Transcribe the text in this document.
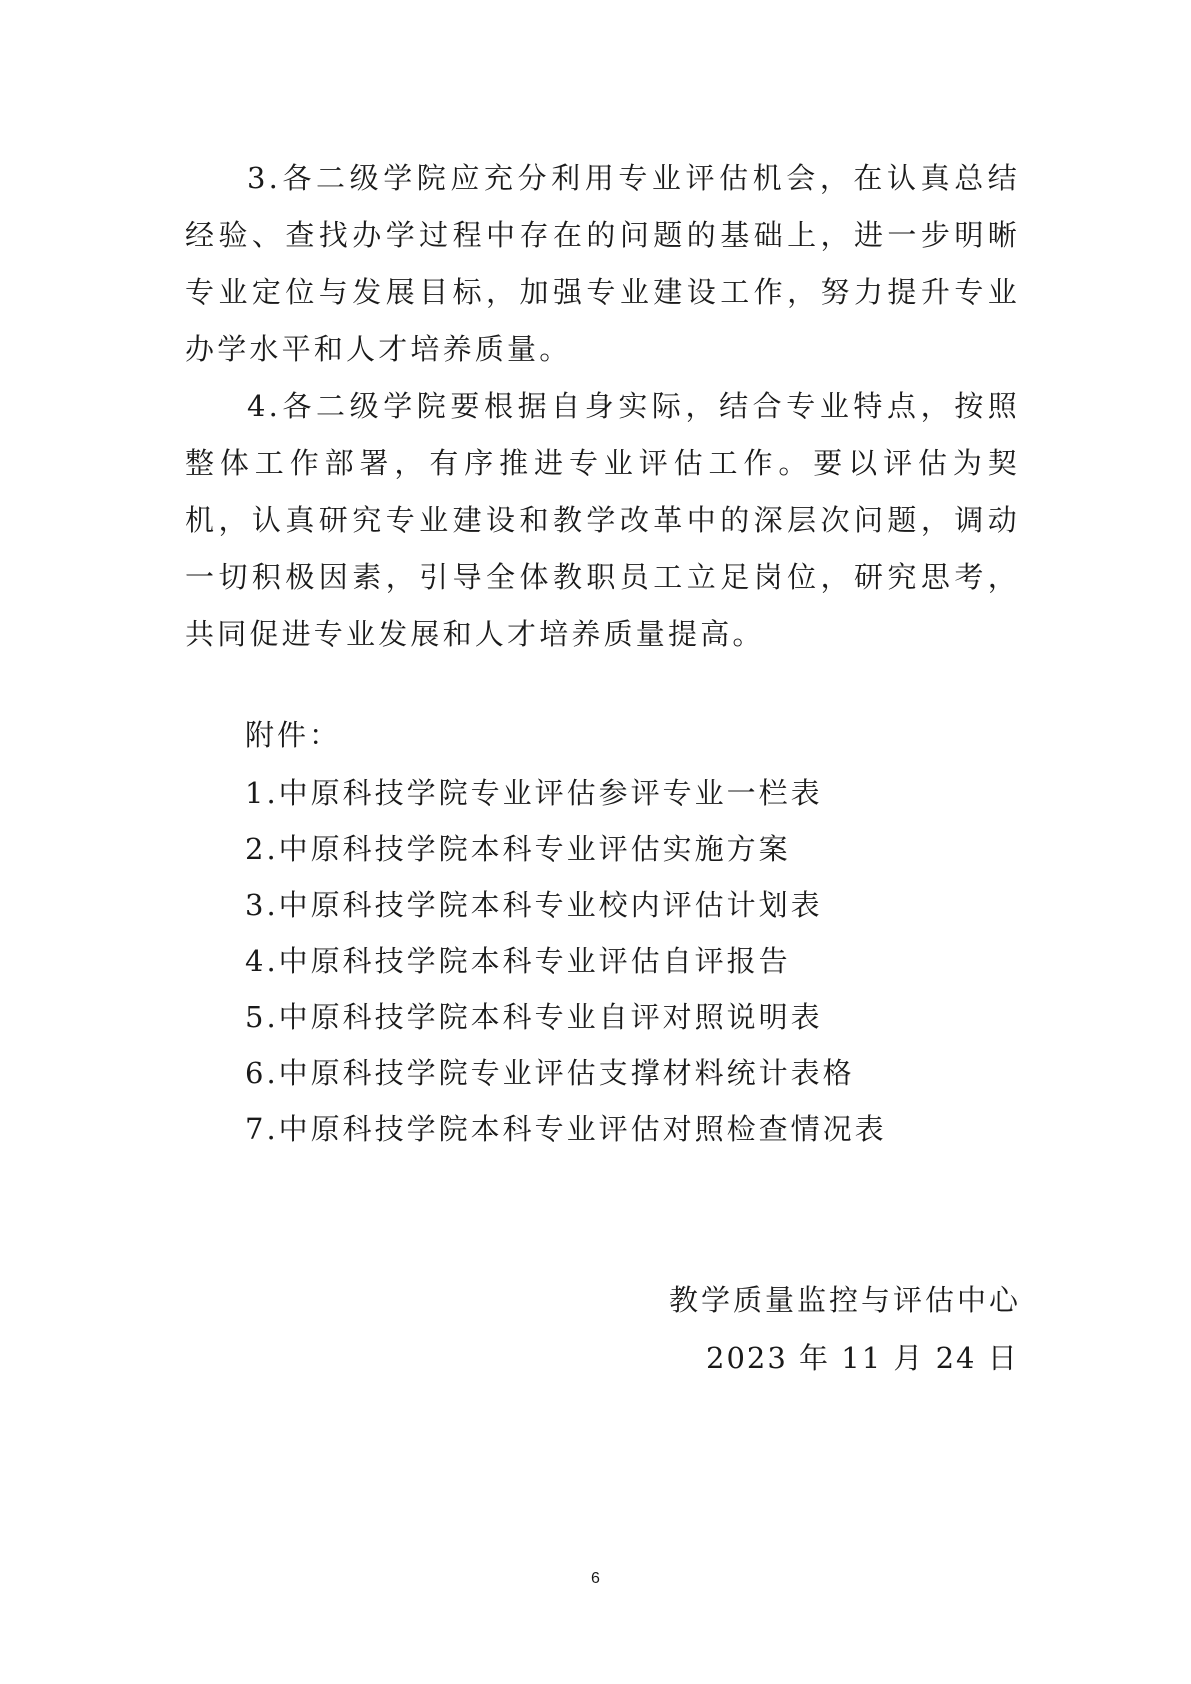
3.各二级学院应充分利用专业评估机会，在认真总结经验、查找办学过程中存在的问题的基础上，进一步明晰专业定位与发展目标，加强专业建设工作，努力提升专业办学水平和人才培养质量。

4.各二级学院要根据自身实际，结合专业特点，按照整体工作部署，有序推进专业评估工作。要以评估为契机，认真研究专业建设和教学改革中的深层次问题，调动一切积极因素，引导全体教职员工立足岗位，研究思考，共同促进专业发展和人才培养质量提高。

附件：

1.中原科技学院专业评估参评专业一栏表
2.中原科技学院本科专业评估实施方案
3.中原科技学院本科专业校内评估计划表
4.中原科技学院本科专业评估自评报告
5.中原科技学院本科专业自评对照说明表
6.中原科技学院专业评估支撑材料统计表格
7.中原科技学院本科专业评估对照检查情况表

教学质量监控与评估中心

2023 年 11 月 24 日

6
